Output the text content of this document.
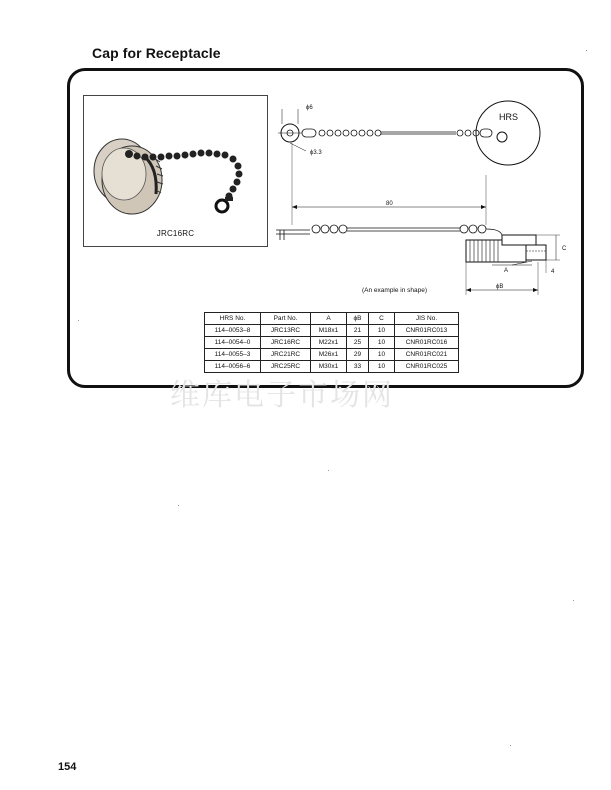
Cap for Receptacle
JRC16RC
ϕ6
ϕ3.3
HRS
80
C
A	4
ϕB
(An example in shape)
HRS No.	Part No.	A	ϕB	C	JIS No.
114–0053–8	JRC13RC	M18x1	21	10	CNR01RC013
114–0054–0	JRC16RC	M22x1	25	10	CNR01RC016
114–0055–3	JRC21RC	M26x1	29	10	CNR01RC021
114–0056–6	JRC25RC	M30x1	33	10	CNR01RC025
维库电子市场网
154
